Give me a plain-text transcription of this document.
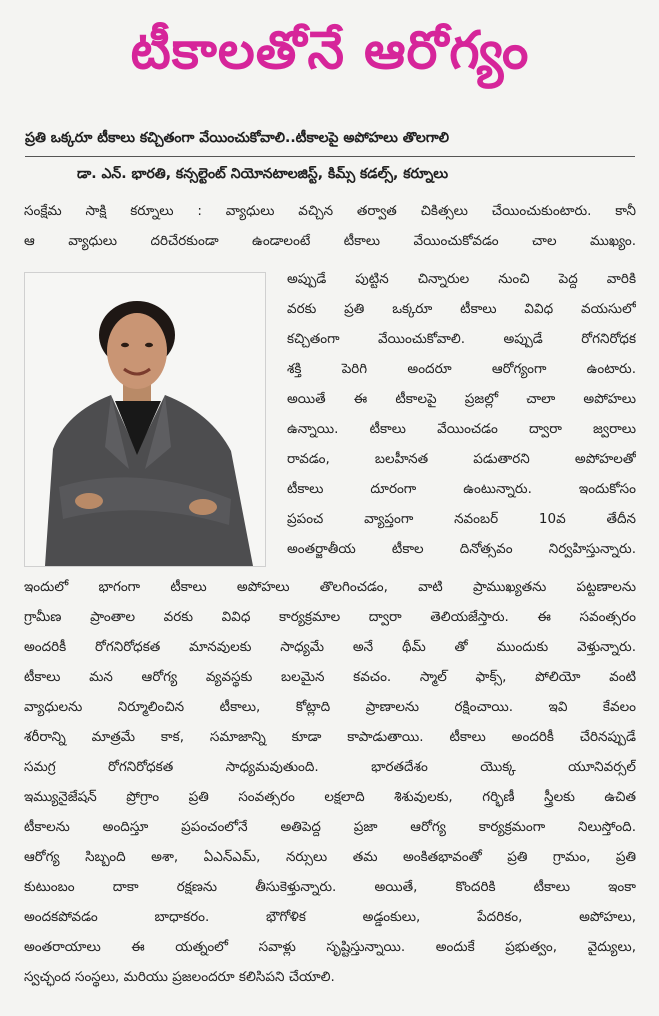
టీకాలతోనే ఆరోగ్యం
ప్రతి ఒక్కరూ టీకాలు కచ్చితంగా వేయించుకోవాలి..టీకాలపై అపోహలు తొలగాలి
డా. ఎన్. భారతి, కన్సల్టెంట్ నియోనటాలజిస్ట్, కిమ్స్ కడల్స్, కర్నూలు
సంక్షేమ సాక్షి కర్నూలు : వ్యాధులు వచ్చిన తర్వాత చికిత్సలు చేయించుకుంటారు. కానీ
ఆ వ్యాధులు దరిచేరకుండా ఉండాలంటే టీకాలు వేయించుకోవడం చాల ముఖ్యం.
అప్పుడే పుట్టిన చిన్నారుల నుంచి పెద్ద వారికి
వరకు ప్రతి ఒక్కరూ టీకాలు వివిధ వయసులో
కచ్చితంగా వేయించుకోవాలి. అప్పుడే రోగనిరోధక
శక్తి పెరిగి అందరూ ఆరోగ్యంగా ఉంటారు.
అయితే ఈ టీకాలపై ప్రజల్లో చాలా అపోహలు
ఉన్నాయి. టీకాలు వేయించడం ద్వారా జ్వరాలు
రావడం, బలహీనత పడుతారని అపోహలతో
టీకాలు దూరంగా ఉంటున్నారు. ఇందుకోసం
ప్రపంచ వ్యాప్తంగా నవంబర్ 10వ తేదీన
అంతర్జాతీయ టీకాల దినోత్సవం నిర్వహిస్తున్నారు.
ఇందులో భాగంగా టీకాలు అపోహలు తొలగించడం, వాటి ప్రాముఖ్యతను పట్టణాలను
గ్రామీణ ప్రాంతాల వరకు వివిధ కార్యక్రమాల ద్వారా తెలియజేస్తారు. ఈ సవంత్సరం
అందరికీ రోగనిరోధకత మానవులకు సాధ్యమే అనే థీమ్ తో ముందుకు వెళ్తున్నారు.
టీకాలు మన ఆరోగ్య వ్యవస్థకు బలమైన కవచం. స్మాల్ ఫాక్స్, పోలియో వంటి
వ్యాధులను నిర్మూలించిన టీకాలు, కోట్లాది ప్రాణాలను రక్షించాయి. ఇవి కేవలం
శరీరాన్ని మాత్రమే కాక, సమాజాన్ని కూడా కాపాడుతాయి. టీకాలు అందరికీ చేరినప్పుడే
సమగ్ర రోగనిరోధకత సాధ్యమవుతుంది. భారతదేశం యొక్క యూనివర్సల్
ఇమ్యునైజేషన్ ప్రోగ్రాం ప్రతి సంవత్సరం లక్షలాది శిశువులకు, గర్భిణీ స్త్రీలకు ఉచిత
టీకాలను అందిస్తూ ప్రపంచంలోనే అతిపెద్ద ప్రజా ఆరోగ్య కార్యక్రమంగా నిలుస్తోంది.
ఆరోగ్య సిబ్బంది అశా, ఏఎన్ఎమ్, నర్సులు తమ అంకితభావంతో ప్రతి గ్రామం, ప్రతి
కుటుంబం దాకా రక్షణను తీసుకెళ్తున్నారు. అయితే, కొందరికి టీకాలు ఇంకా
అందకపోవడం బాధాకరం. భౌగోళిక అడ్డంకులు, పేదరికం, అపోహలు,
అంతరాయాలు ఈ యత్నంలో సవాళ్లు సృష్టిస్తున్నాయి. అందుకే ప్రభుత్వం, వైద్యులు,
స్వచ్ఛంద సంస్థలు, మరియు ప్రజలందరూ కలిసిపని చేయాలి.
